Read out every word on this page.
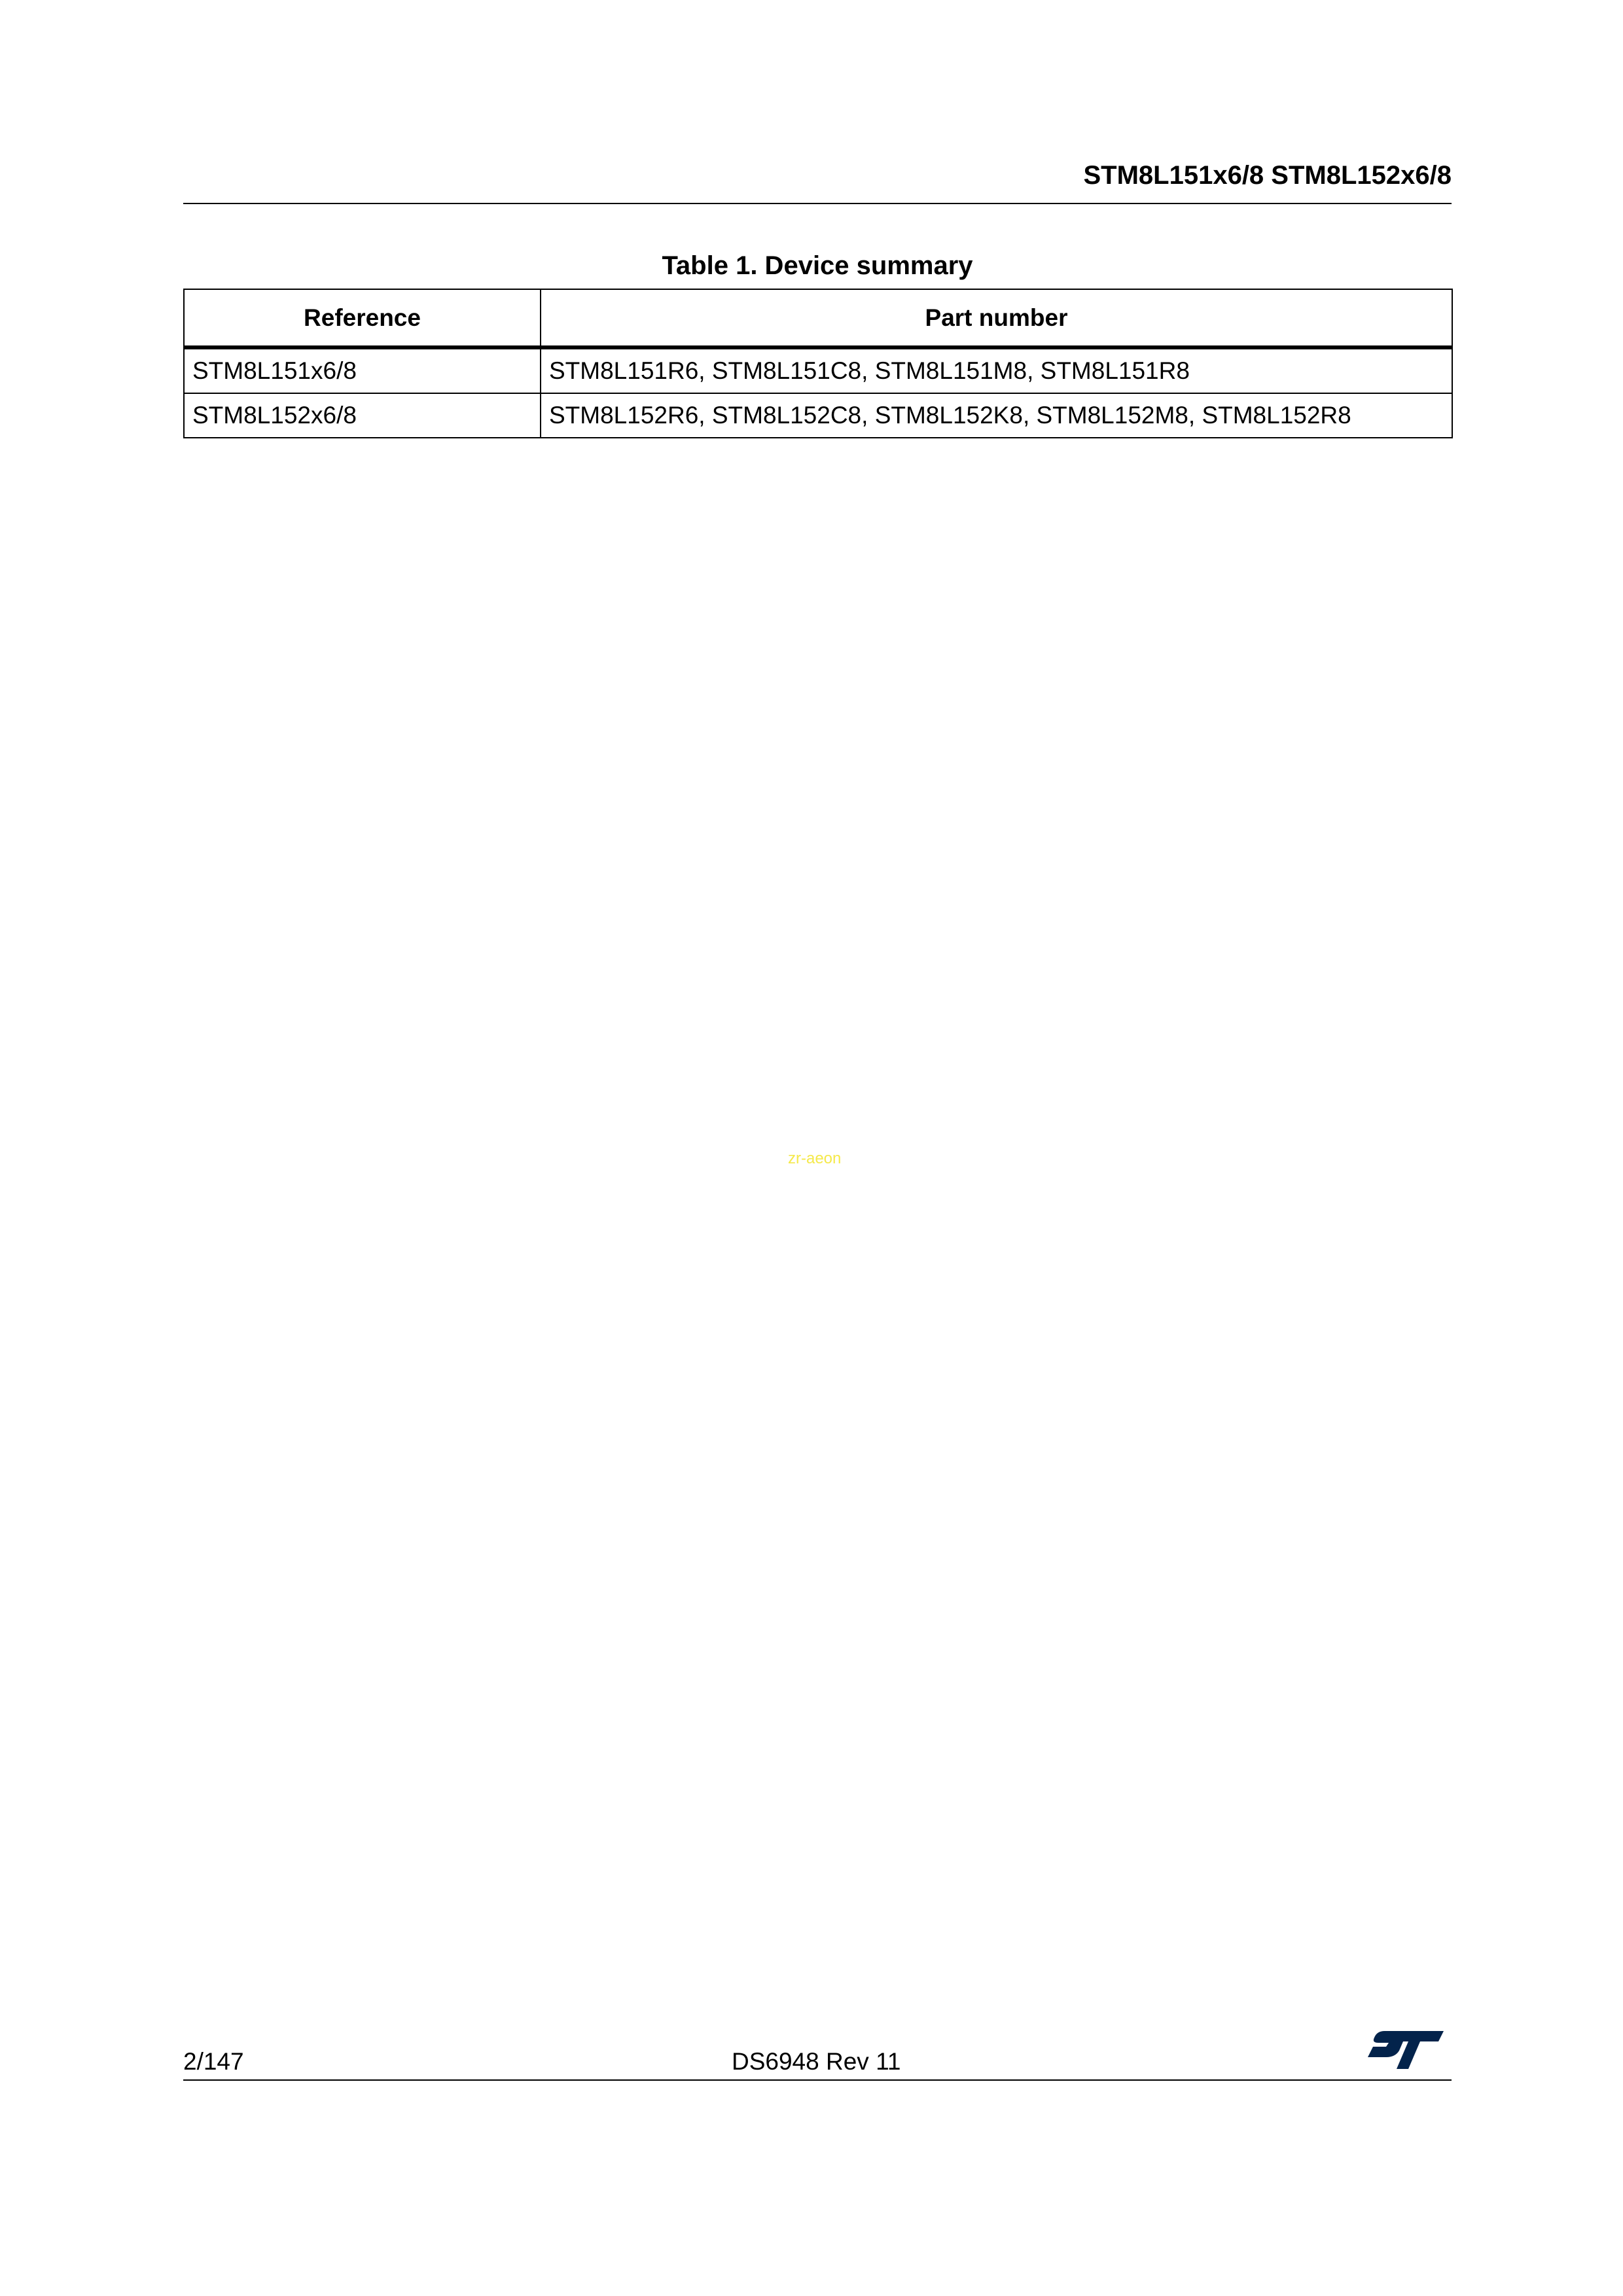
STM8L151x6/8 STM8L152x6/8
Table 1. Device summary
Reference	Part number
STM8L151x6/8	STM8L151R6, STM8L151C8, STM8L151M8, STM8L151R8
STM8L152x6/8	STM8L152R6, STM8L152C8, STM8L152K8, STM8L152M8, STM8L152R8
zr-aeon
2/147	DS6948 Rev 11
